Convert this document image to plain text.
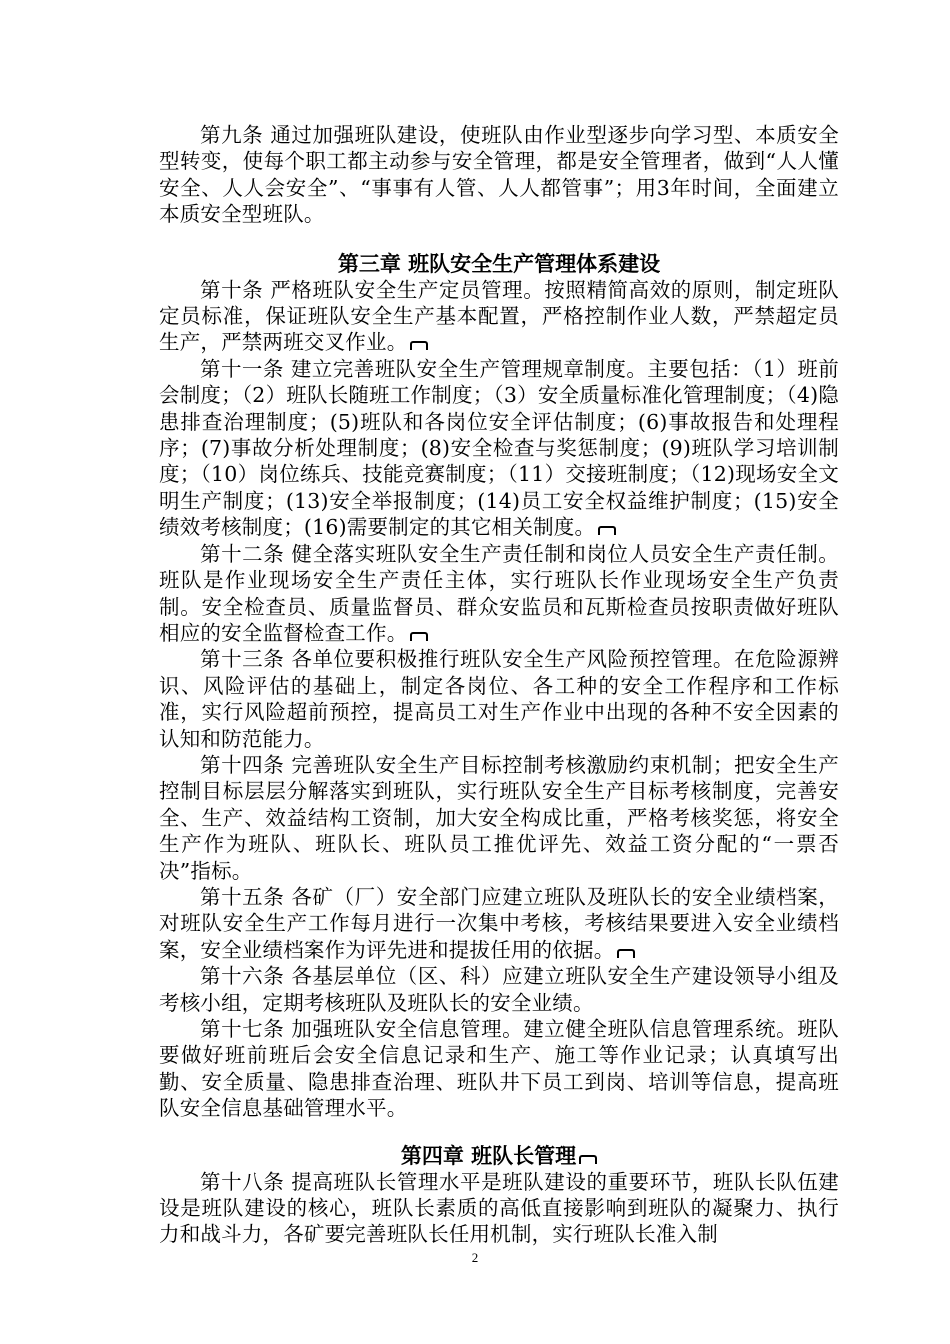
第九条 通过加强班队建设，使班队由作业型逐步向学习型、本质安全型转变，使每个职工都主动参与安全管理，都是安全管理者，做到“人人懂安全、人人会安全”、“事事有人管、人人都管事”；用3年时间，全面建立本质安全型班队。

第三章 班队安全生产管理体系建设

第十条 严格班队安全生产定员管理。按照精简高效的原则，制定班队定员标准，保证班队安全生产基本配置，严格控制作业人数，严禁超定员生产，严禁两班交叉作业。

第十一条 建立完善班队安全生产管理规章制度。主要包括：（1）班前会制度；（2）班队长随班工作制度；（3）安全质量标准化管理制度；（4)隐患排查治理制度；(5)班队和各岗位安全评估制度；(6)事故报告和处理程序；(7)事故分析处理制度；(8)安全检查与奖惩制度；(9)班队学习培训制度；（10）岗位练兵、技能竞赛制度；（11）交接班制度；（12)现场安全文明生产制度；(13)安全举报制度；(14)员工安全权益维护制度；(15)安全绩效考核制度；(16)需要制定的其它相关制度。

第十二条 健全落实班队安全生产责任制和岗位人员安全生产责任制。班队是作业现场安全生产责任主体，实行班队长作业现场安全生产负责制。安全检查员、质量监督员、群众安监员和瓦斯检查员按职责做好班队相应的安全监督检查工作。

第十三条 各单位要积极推行班队安全生产风险预控管理。在危险源辨识、风险评估的基础上，制定各岗位、各工种的安全工作程序和工作标准，实行风险超前预控，提高员工对生产作业中出现的各种不安全因素的认知和防范能力。

第十四条 完善班队安全生产目标控制考核激励约束机制；把安全生产控制目标层层分解落实到班队，实行班队安全生产目标考核制度，完善安全、生产、效益结构工资制，加大安全构成比重，严格考核奖惩，将安全生产作为班队、班队长、班队员工推优评先、效益工资分配的“一票否决”指标。

第十五条 各矿（厂）安全部门应建立班队及班队长的安全业绩档案，对班队安全生产工作每月进行一次集中考核，考核结果要进入安全业绩档案，安全业绩档案作为评先进和提拔任用的依据。

第十六条 各基层单位（区、科）应建立班队安全生产建设领导小组及考核小组，定期考核班队及班队长的安全业绩。

第十七条 加强班队安全信息管理。建立健全班队信息管理系统。班队要做好班前班后会安全信息记录和生产、施工等作业记录；认真填写出勤、安全质量、隐患排查治理、班队井下员工到岗、培训等信息，提高班队安全信息基础管理水平。

第四章 班队长管理

第十八条 提高班队长管理水平是班队建设的重要环节，班队长队伍建设是班队建设的核心，班队长素质的高低直接影响到班队的凝聚力、执行力和战斗力，各矿要完善班队长任用机制，实行班队长准入制

2
